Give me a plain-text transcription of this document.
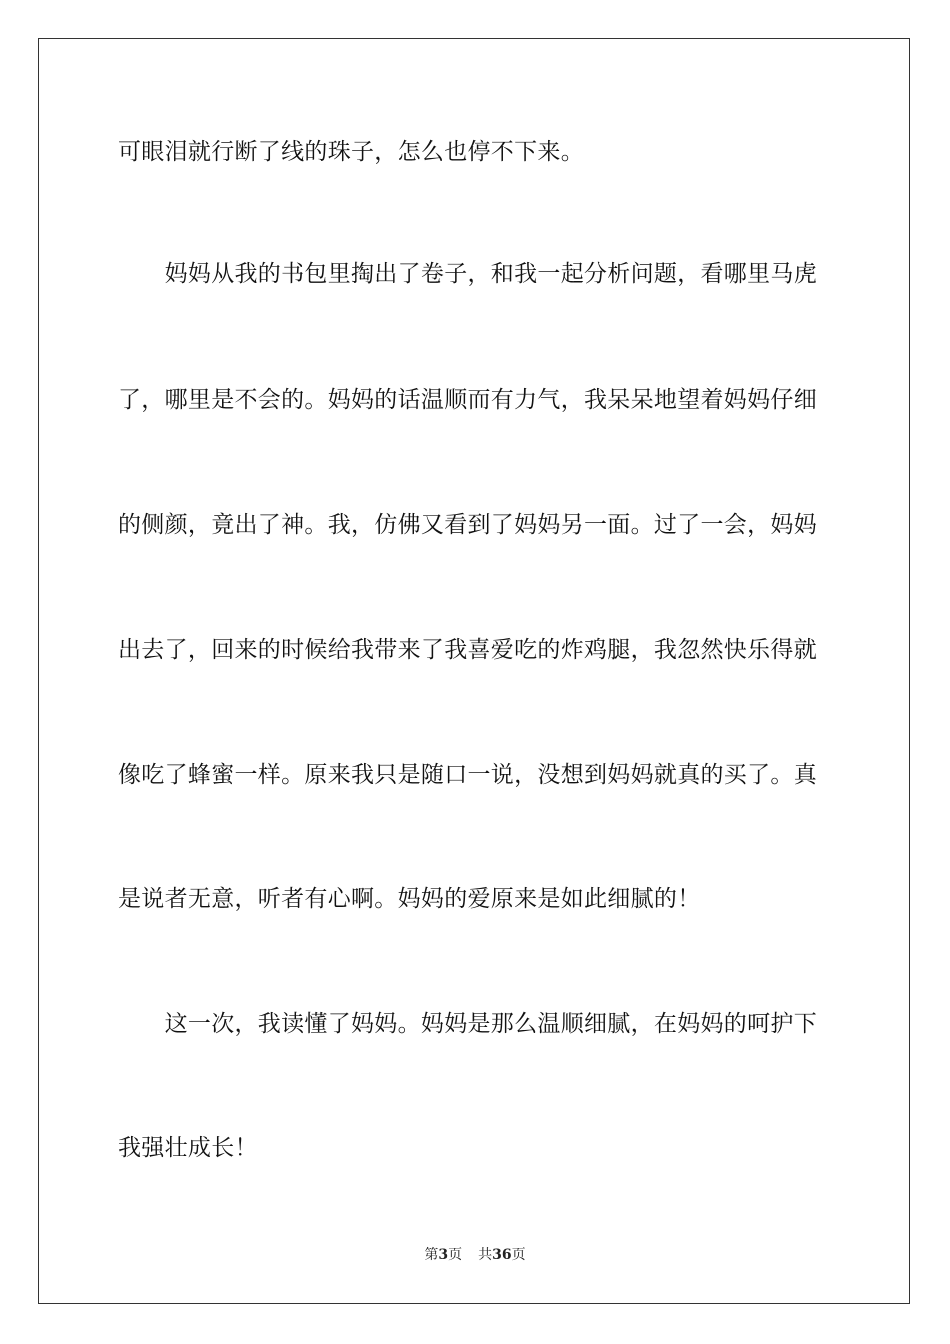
可眼泪就行断了线的珠子，怎么也停不下来。
　　妈妈从我的书包里掏出了卷子，和我一起分析问题，看哪里马虎
了，哪里是不会的。妈妈的话温顺而有力气，我呆呆地望着妈妈仔细
的侧颜，竟出了神。我，仿佛又看到了妈妈另一面。过了一会，妈妈
出去了，回来的时候给我带来了我喜爱吃的炸鸡腿，我忽然快乐得就
像吃了蜂蜜一样。原来我只是随口一说，没想到妈妈就真的买了。真
是说者无意，听者有心啊。妈妈的爱原来是如此细腻的！
　　这一次，我读懂了妈妈。妈妈是那么温顺细腻，在妈妈的呵护下
我强壮成长！
第3页 共36页
